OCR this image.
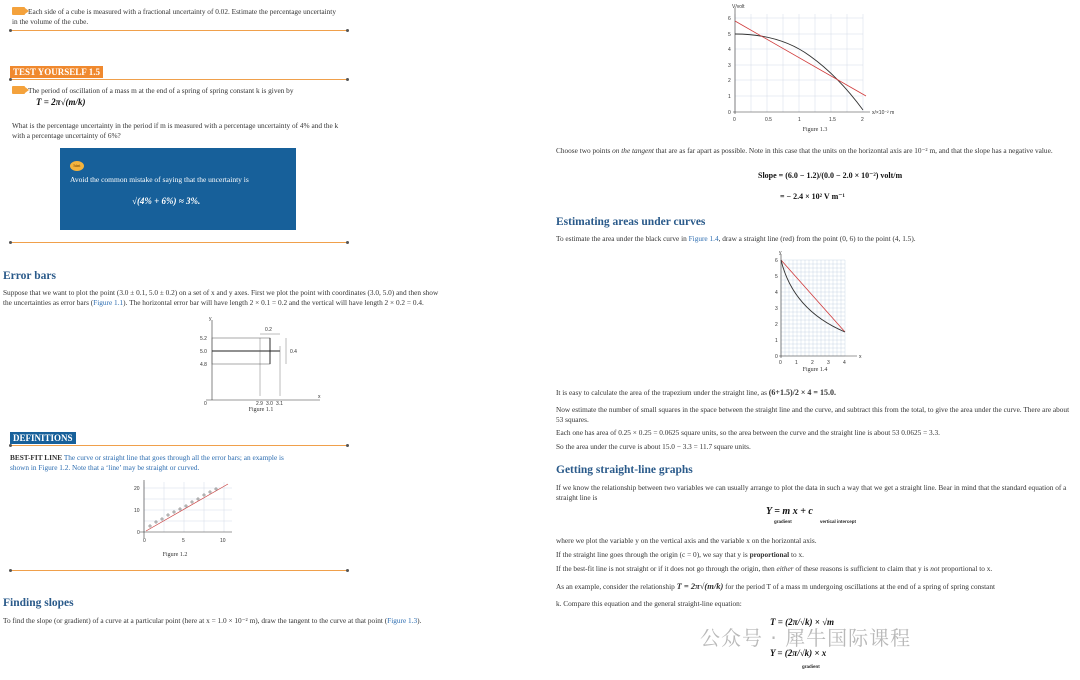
Each side of a cube is measured with a fractional uncertainty of 0.02. Estimate the percentage uncertainty in the volume of the cube.
TEST YOURSELF 1.5
The period of oscillation of a mass m at the end of a spring of spring constant k is given by
T = 2π√(m/k)
What is the percentage uncertainty in the period if m is measured with a percentage uncertainty of 4% and the k with a percentage uncertainty of 6%?
hint
Avoid the common mistake of saying that the uncertainty is
√(4% + 6%) ≈ 3%.
Error bars
Suppose that we want to plot the point (3.0 ± 0.1, 5.0 ± 0.2) on a set of x and y axes. First we plot the point with coordinates (3.0, 5.0) and then show
the uncertainties as error bars (Figure 1.1). The horizontal error bar will have length 2 × 0.1 = 0.2 and the vertical will have length 2 × 0.2 = 0.4.
y
x
0.2
0.4
5.2
5.0
4.8
0	2.9 3.0 3.1
Figure 1.1
DEFINITIONS
BEST-FIT LINE The curve or straight line that goes through all the error bars; an example is
shown in Figure 1.2. Note that a ‘line’ may be straight or curved.
20
10
0
0	5	10
Figure 1.2
Finding slopes
To find the slope (or gradient) of a curve at a particular point (here at x = 1.0 × 10⁻² m), draw the tangent to the curve at that point (Figure 1.3).
V/volt
x/×10⁻² m
0
1
2
3
4
5
6
0	0.5	1	1.5	2
Figure 1.3
Choose two points on the tangent that are as far apart as possible. Note in this case that the units on the horizontal axis are 10⁻² m, and that the slope has a negative value.
Slope = (6.0 − 1.2)/(0.0 − 2.0 × 10⁻²) volt/m
= − 2.4 × 10² V m⁻¹
Estimating areas under curves
To estimate the area under the black curve in Figure 1.4, draw a straight line (red) from the point (0, 6) to the point (4, 1.5).
y
x
0
1
2
3
4
5
6
0	1	2	3	4
Figure 1.4
It is easy to calculate the area of the trapezium under the straight line, as (6+1.5)/2 × 4 = 15.0.
Now estimate the number of small squares in the space between the straight line and the curve, and subtract this from the total, to give the area under the curve. There are about 53 squares.
Each one has area of 0.25 × 0.25 = 0.0625 square units, so the area between the curve and the straight line is about 53 0.0625 = 3.3.
So the area under the curve is about 15.0 − 3.3 = 11.7 square units.
Getting straight-line graphs
If we know the relationship between two variables we can usually arrange to plot the data in such a way that we get a straight line. Bear in mind that the standard equation of a straight line is
Y = m x + c
gradient	vertical intercept
where we plot the variable y on the vertical axis and the variable x on the horizontal axis.
If the straight line goes through the origin (c = 0), we say that y is proportional to x.
If the best-fit line is not straight or if it does not go through the origin, then either of these reasons is sufficient to claim that y is not proportional to x.
As an example, consider the relationship T = 2π√(m/k) for the period T of a mass m undergoing oscillations at the end of a spring of spring constant
k. Compare this equation and the general straight-line equation:
T = (2π/√k) × √m
Y = (2π/√k) × x
gradient
公众号 · 犀牛国际课程
